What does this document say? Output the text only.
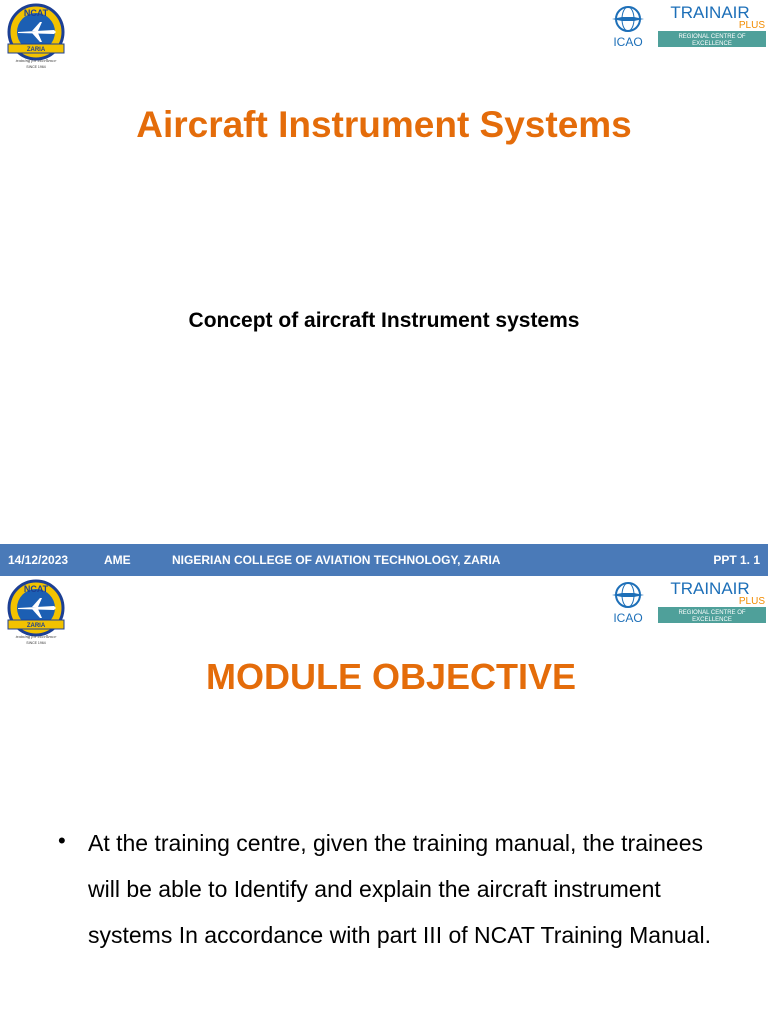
NCAT
ZARIA
training for excellence
SINCE 1964
ICAO
TRAINAIR
PLUS
REGIONAL CENTRE OF
EXCELLENCE
Aircraft Instrument Systems

Concept of aircraft Instrument systems

14/12/2023	AME	NIGERIAN COLLEGE OF AVIATION TECHNOLOGY, ZARIA	PPT 1. 1
NCAT
ZARIA
training for excellence
SINCE 1964
ICAO
TRAINAIR
PLUS
REGIONAL CENTRE OF
EXCELLENCE
MODULE OBJECTIVE
• At the training centre, given the training manual, the trainees will be able to Identify and explain the aircraft instrument systems In accordance with part III of NCAT Training Manual.
